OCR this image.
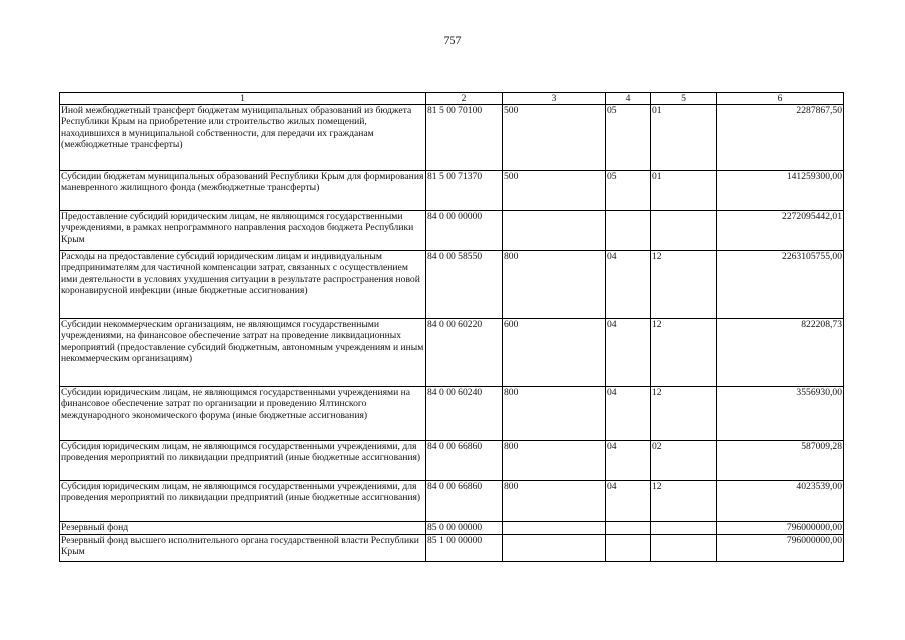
757
1	2	3	4	5	6
Иной межбюджетный трансферт бюджетам муниципальных образований из бюджета Республики Крым на приобретение или строительство жилых помещений, находившихся в муниципальной собственности, для передачи их гражданам (межбюджетные трансферты)	81 5 00 70100	500	05	01	2287867,50
Субсидии бюджетам муниципальных образований Республики Крым для формирования маневренного жилищного фонда (межбюджетные трансферты)	81 5 00 71370	500	05	01	141259300,00
Предоставление субсидий юридическим лицам, не являющимся государственными учреждениями, в рамках непрограммного направления расходов бюджета Республики Крым	84 0 00 00000				2272095442,01
Расходы на предоставление субсидий юридическим лицам и индивидуальным предпринимателям для частичной компенсации затрат, связанных с осуществлением ими деятельности в условиях ухудшения ситуации в результате распространения новой коронавирусной инфекции (иные бюджетные ассигнования)	84 0 00 58550	800	04	12	2263105755,00
Субсидии некоммерческим организациям, не являющимся государственными учреждениями, на финансовое обеспечение затрат на проведение ликвидационных мероприятий (предоставление субсидий бюджетным, автономным учреждениям и иным некоммерческим организациям)	84 0 00 60220	600	04	12	822208,73
Субсидии юридическим лицам, не являющимся государственными учреждениями на финансовое обеспечение затрат по организации и проведению Ялтинского международного экономического форума (иные бюджетные ассигнования)	84 0 00 60240	800	04	12	3556930,00
Субсидия юридическим лицам, не являющимся государственными учреждениями, для проведения мероприятий по ликвидации предприятий (иные бюджетные ассигнования)	84 0 00 66860	800	04	02	587009,28
Субсидия юридическим лицам, не являющимся государственными учреждениями, для проведения мероприятий по ликвидации предприятий (иные бюджетные ассигнования)	84 0 00 66860	800	04	12	4023539,00
Резервный фонд	85 0 00 00000				796000000,00
Резервный фонд высшего исполнительного органа государственной власти Республики Крым	85 1 00 00000				796000000,00
